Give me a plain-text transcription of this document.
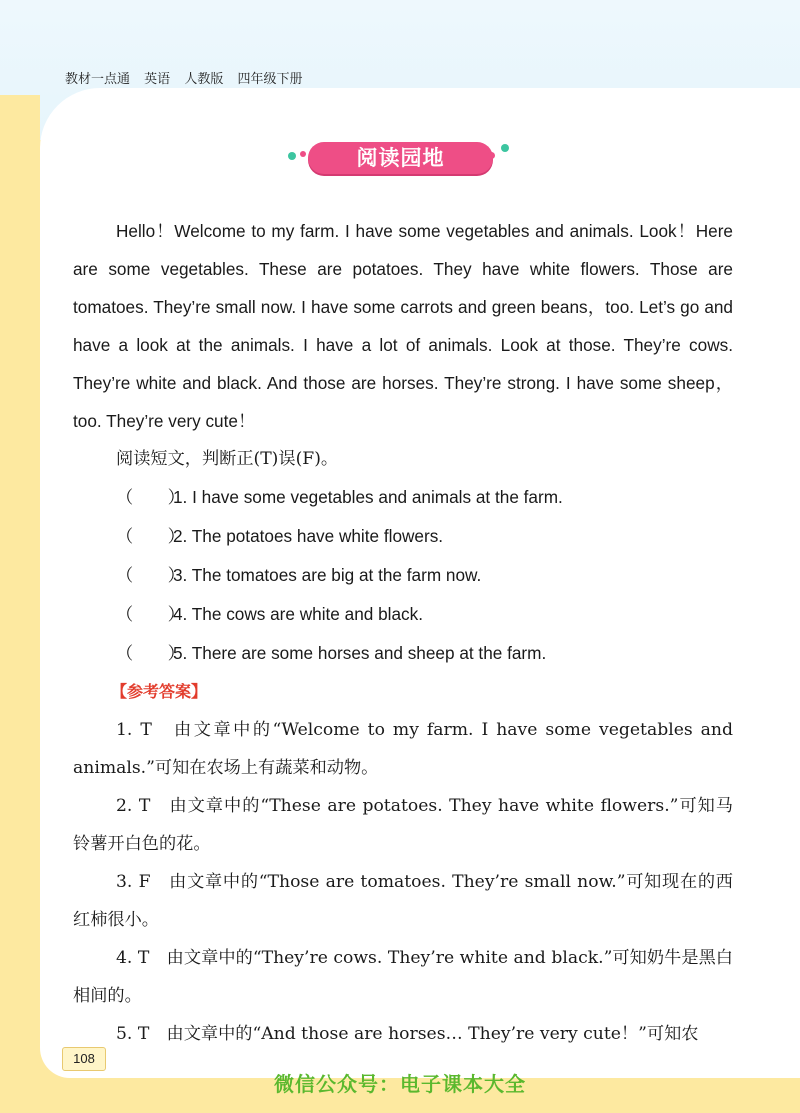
教材一点通 英语 人教版 四年级下册
阅读园地

Hello！Welcome to my farm. I have some vegetables and animals. Look！Here are some vegetables. These are potatoes. They have white flowers. Those are tomatoes. They’re small now. I have some carrots and green beans，too. Let’s go and have a look at the animals. I have a lot of animals. Look at those. They’re cows. They’re white and black. And those are horses. They’re strong. I have some sheep，too. They’re very cute！

阅读短文，判断正(T)误(F)。

（　　）1. I have some vegetables and animals at the farm.

（　　）2. The potatoes have white flowers.

（　　）3. The tomatoes are big at the farm now.

（　　）4. The cows are white and black.

（　　）5. There are some horses and sheep at the farm.

【参考答案】

1. T　由文章中的“Welcome to my farm. I have some vegetables and animals.”可知在农场上有蔬菜和动物。

2. T　由文章中的“These are potatoes. They have white flowers.”可知马铃薯开白色的花。

3. F　由文章中的“Those are tomatoes. They’re small now.”可知现在的西红柿很小。

4. T　由文章中的“They’re cows. They’re white and black.”可知奶牛是黑白相间的。

5. T　由文章中的“And those are horses… They’re very cute！”可知农

108
微信公众号：电子课本大全
